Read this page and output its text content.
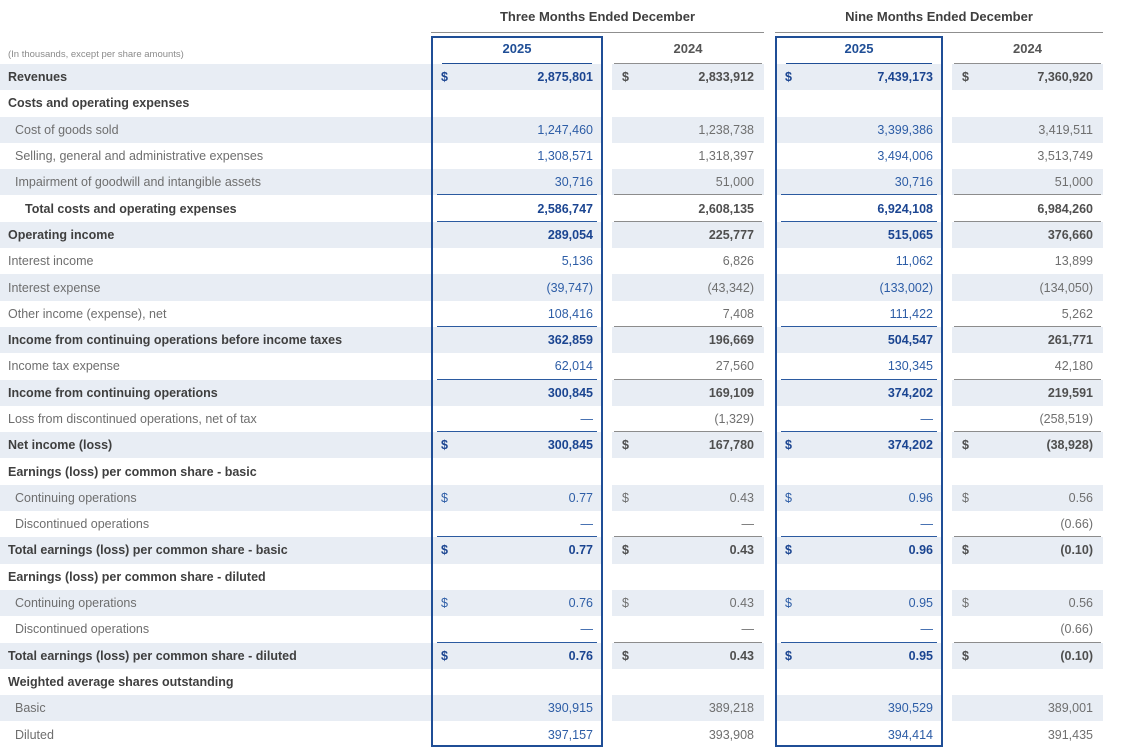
Three Months Ended December	Nine Months Ended December
(In thousands, except per share amounts)	2025	2024	2025	2024
Revenues	$	2,875,801 $	2,833,912 $	7,439,173 $	7,360,920
Costs and operating expenses
Cost of goods sold	1,247,460	1,238,738	3,399,386	3,419,511
Selling, general and administrative expenses	1,308,571	1,318,397	3,494,006	3,513,749
Impairment of goodwill and intangible assets	30,716	51,000	30,716	51,000
Total costs and operating expenses	2,586,747	2,608,135	6,924,108	6,984,260
Operating income	289,054	225,777	515,065	376,660
Interest income	5,136	6,826	11,062	13,899
Interest expense	(39,747)	(43,342)	(133,002)	(134,050)
Other income (expense), net	108,416	7,408	111,422	5,262
Income from continuing operations before income taxes	362,859	196,669	504,547	261,771
Income tax expense	62,014	27,560	130,345	42,180
Income from continuing operations	300,845	169,109	374,202	219,591
Loss from discontinued operations, net of tax	—	(1,329)	—	(258,519)
Net income (loss)	$	300,845 $	167,780 $	374,202 $	(38,928)
Earnings (loss) per common share - basic
Continuing operations	$	0.77 $	0.43 $	0.96 $	0.56
Discontinued operations	—	—	—	(0.66)
Total earnings (loss) per common share - basic	$	0.77 $	0.43 $	0.96 $	(0.10)
Earnings (loss) per common share - diluted
Continuing operations	$	0.76 $	0.43 $	0.95 $	0.56
Discontinued operations	—	—	—	(0.66)
Total earnings (loss) per common share - diluted	$	0.76 $	0.43 $	0.95 $	(0.10)
Weighted average shares outstanding
Basic	390,915	389,218	390,529	389,001
Diluted	397,157	393,908	394,414	391,435
